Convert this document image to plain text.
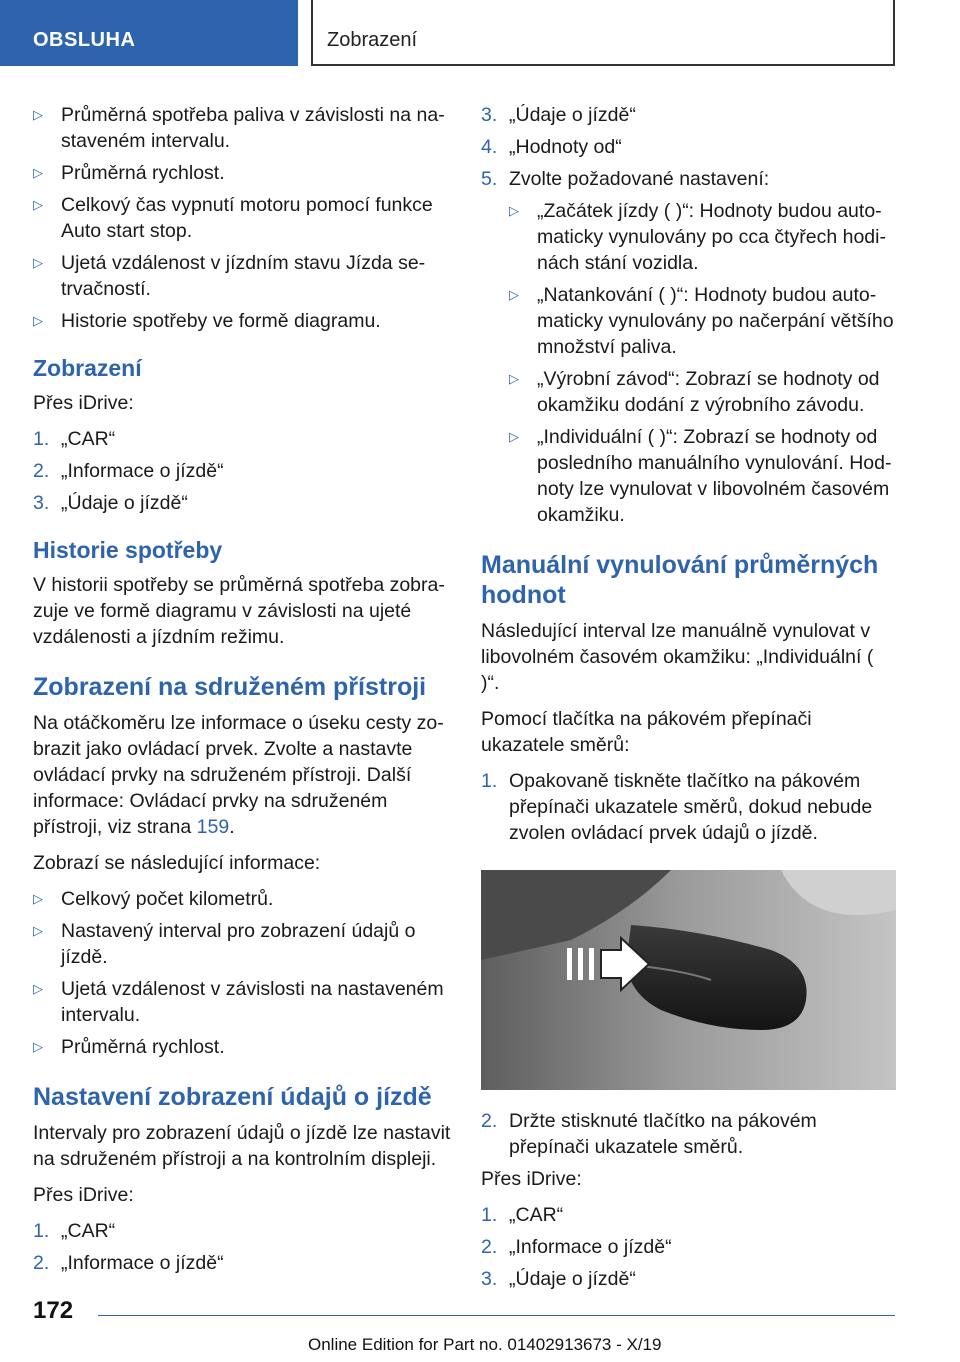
OBSLUHA	Zobrazení
▷ Průměrná spotřeba paliva v závislosti na nastaveném intervalu.
▷ Průměrná rychlost.
▷ Celkový čas vypnutí motoru pomocí funkce Auto start stop.
▷ Ujetá vzdálenost v jízdním stavu Jízda setrvačností.
▷ Historie spotřeby ve formě diagramu.
Zobrazení

Přes iDrive:

1. „CAR“
2. „Informace o jízdě“
3. „Údaje o jízdě“
Historie spotřeby

V historii spotřeby se průměrná spotřeba zobrazuje ve formě diagramu v závislosti na ujeté vzdálenosti a jízdním režimu.

Zobrazení na sdruženém přístroji

Na otáčkoměru lze informace o úseku cesty zobrazit jako ovládací prvek. Zvolte a nastavte ovládací prvky na sdruženém přístroji. Další informace: Ovládací prvky na sdruženém přístroji, viz strana 159.

Zobrazí se následující informace:

▷ Celkový počet kilometrů.
▷ Nastavený interval pro zobrazení údajů o jízdě.
▷ Ujetá vzdálenost v závislosti na nastaveném intervalu.
▷ Průměrná rychlost.
Nastavení zobrazení údajů o jízdě

Intervaly pro zobrazení údajů o jízdě lze nastavit na sdruženém přístroji a na kontrolním displeji.

Přes iDrive:

1. „CAR“
2. „Informace o jízdě“
3. „Údaje o jízdě“
4. „Hodnoty od“
5. Zvolte požadované nastavení:
▷ „Začátek jízdy ( )“: Hodnoty budou automaticky vynulovány po cca čtyřech hodinách stání vozidla.
▷ „Natankování ( )“: Hodnoty budou automaticky vynulovány po načerpání většího množství paliva.
▷ „Výrobní závod“: Zobrazí se hodnoty od okamžiku dodání z výrobního závodu.
▷ „Individuální ( )“: Zobrazí se hodnoty od posledního manuálního vynulování. Hodnoty lze vynulovat v libovolném časovém okamžiku.
Manuální vynulování průměrných hodnot

Následující interval lze manuálně vynulovat v libovolném časovém okamžiku: „Individuální ( )“.

Pomocí tlačítka na pákovém přepínači ukazatele směrů:

1. Opakovaně tiskněte tlačítko na pákovém přepínači ukazatele směrů, dokud nebude zvolen ovládací prvek údajů o jízdě.
2. Držte stisknuté tlačítko na pákovém přepínači ukazatele směrů.

Přes iDrive:

1. „CAR“
2. „Informace o jízdě“
3. „Údaje o jízdě“
172
Online Edition for Part no. 01402913673 - X/19
